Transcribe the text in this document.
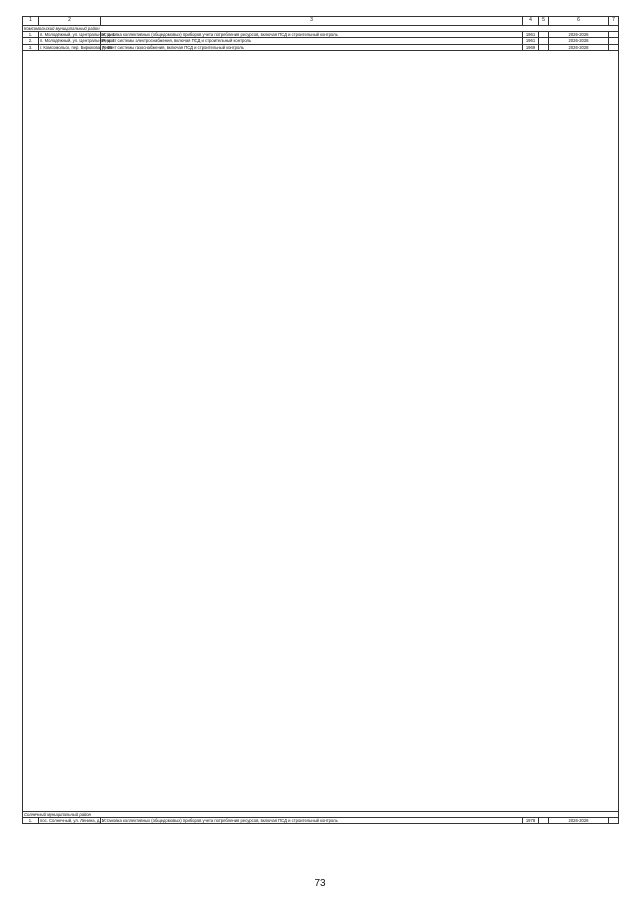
1	2	3	4	5	6	7
Комсомольский муниципальный район						
1.	п. Молодёжный, ул. Центральная, д. 1	Установка коллективных (общедомовых) приборов учета потребления ресурсов, включая ПСД и строительный контроль	1961		2026-2028	
2.	п. Молодёжный, ул. Центральная, д. 1	Ремонт системы электроснабжения, включая ПСД и строительный контроль	1961		2026-2028	
3.	г. Комсомольск, пер. Бирюкова, д. 48	Ремонт системы газоснабжения, включая ПСД и строительный контроль	1969		2026-2028	

Солнечный муниципальный район						
1.	пос. Солнечный, ул. Ленина, д. 1	Установка коллективных (общедомовых) приборов учета потребления ресурсов, включая ПСД и строительный контроль	1978		2026-2028	
73
